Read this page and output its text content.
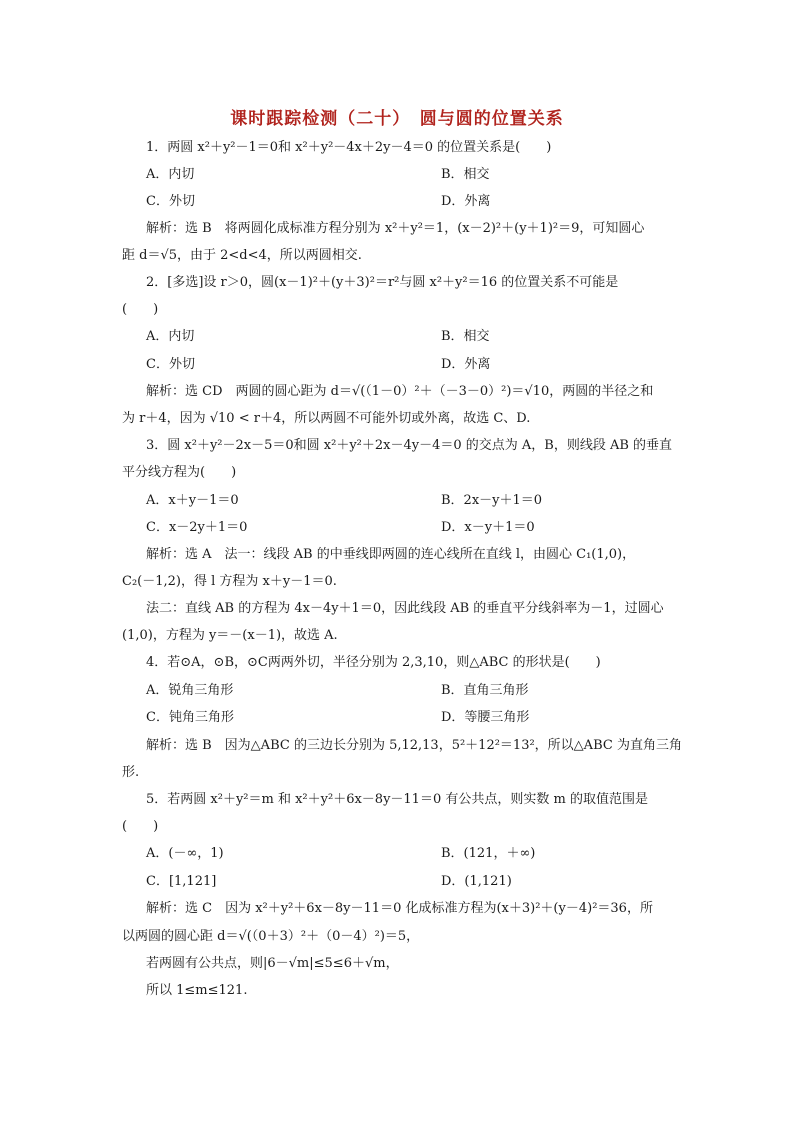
课时跟踪检测（二十）　圆与圆的位置关系
1．两圆 x²＋y²－1＝0和 x²＋y²－4x＋2y－4＝0 的位置关系是(　　)
A．内切	B．相交
C．外切	D．外离
解析：选 B　将两圆化成标准方程分别为 x²＋y²＝1，(x－2)²＋(y＋1)²＝9，可知圆心
距 d＝√5，由于 2<d<4，所以两圆相交.
2．[多选]设 r＞0，圆(x－1)²＋(y＋3)²＝r²与圆 x²＋y²＝16 的位置关系不可能是
(　　)
A．内切	B．相交
C．外切	D．外离
解析：选 CD　两圆的圆心距为 d＝√(（1－0）²＋（－3－0）²)＝√10，两圆的半径之和
为 r＋4，因为 √10 < r＋4，所以两圆不可能外切或外离，故选 C、D.
3．圆 x²＋y²－2x－5＝0和圆 x²＋y²＋2x－4y－4＝0 的交点为 A，B，则线段 AB 的垂直
平分线方程为(　　)
A．x＋y－1＝0	B．2x－y＋1＝0
C．x－2y＋1＝0	D．x－y＋1＝0
解析：选 A　法一：线段 AB 的中垂线即两圆的连心线所在直线 l，由圆心 C₁(1,0)，
C₂(－1,2)，得 l 方程为 x＋y－1＝0.
法二：直线 AB 的方程为 4x－4y＋1＝0，因此线段 AB 的垂直平分线斜率为－1，过圆心
(1,0)，方程为 y＝－(x－1)，故选 A.
4．若⊙A，⊙B，⊙C两两外切，半径分别为 2,3,10，则△ABC 的形状是(　　)
A．锐角三角形	B．直角三角形
C．钝角三角形	D．等腰三角形
解析：选 B　因为△ABC 的三边长分别为 5,12,13，5²＋12²＝13²，所以△ABC 为直角三角
形.
5．若两圆 x²＋y²＝m 和 x²＋y²＋6x－8y－11＝0 有公共点，则实数 m 的取值范围是
(　　)
A．(－∞，1)	B．(121，＋∞)
C．[1,121]	D．(1,121)
解析：选 C　因为 x²＋y²＋6x－8y－11＝0 化成标准方程为(x＋3)²＋(y－4)²＝36，所
以两圆的圆心距 d＝√(（0＋3）²＋（0－4）²)＝5，
若两圆有公共点，则|6－√m|≤5≤6＋√m，
所以 1≤m≤121.
